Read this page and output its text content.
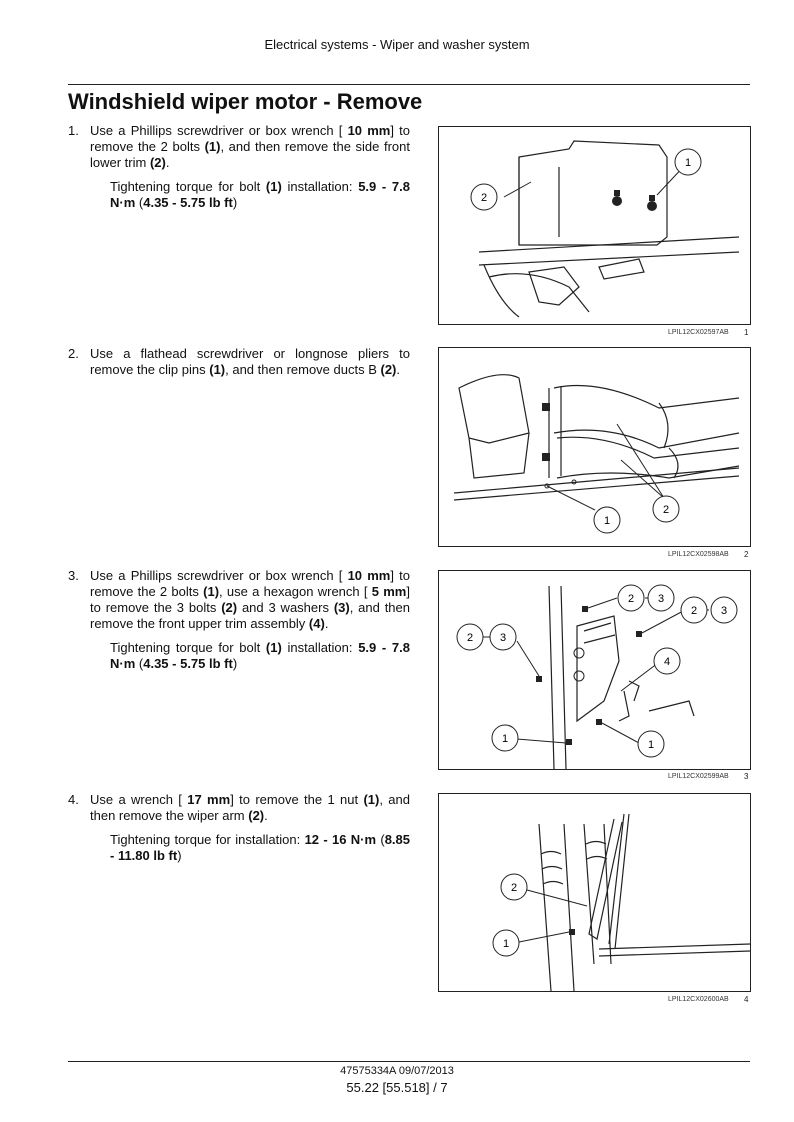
Electrical systems - Wiper and washer system
Windshield wiper motor - Remove
1. Use a Phillips screwdriver or box wrench [ 10 mm] to remove the 2 bolts (1), and then remove the side front lower trim (2).
Tightening torque for bolt (1) installation: 5.9 - 7.8 N·m (4.35 - 5.75 lb ft)
2. Use a flathead screwdriver or longnose pliers to remove the clip pins (1), and then remove ducts B (2).
3. Use a Phillips screwdriver or box wrench [ 10 mm] to remove the 2 bolts (1), use a hexagon wrench [ 5 mm] to remove the 3 bolts (2) and 3 washers (3), and then remove the front upper trim assembly (4).
Tightening torque for bolt (1) installation: 5.9 - 7.8 N·m (4.35 - 5.75 lb ft)
4. Use a wrench [ 17 mm] to remove the 1 nut (1), and then remove the wiper arm (2).
Tightening torque for installation: 12 - 16 N·m (8.85 - 11.80 lb ft)
2
1
LPIL12CX02597AB 1
1
2
LPIL12CX02598AB 2
2 3
2 3
2 3
4
1	1
LPIL12CX02599AB 3
2
1
LPIL12CX02600AB 4
47575334A 09/07/2013
55.22 [55.518] / 7
